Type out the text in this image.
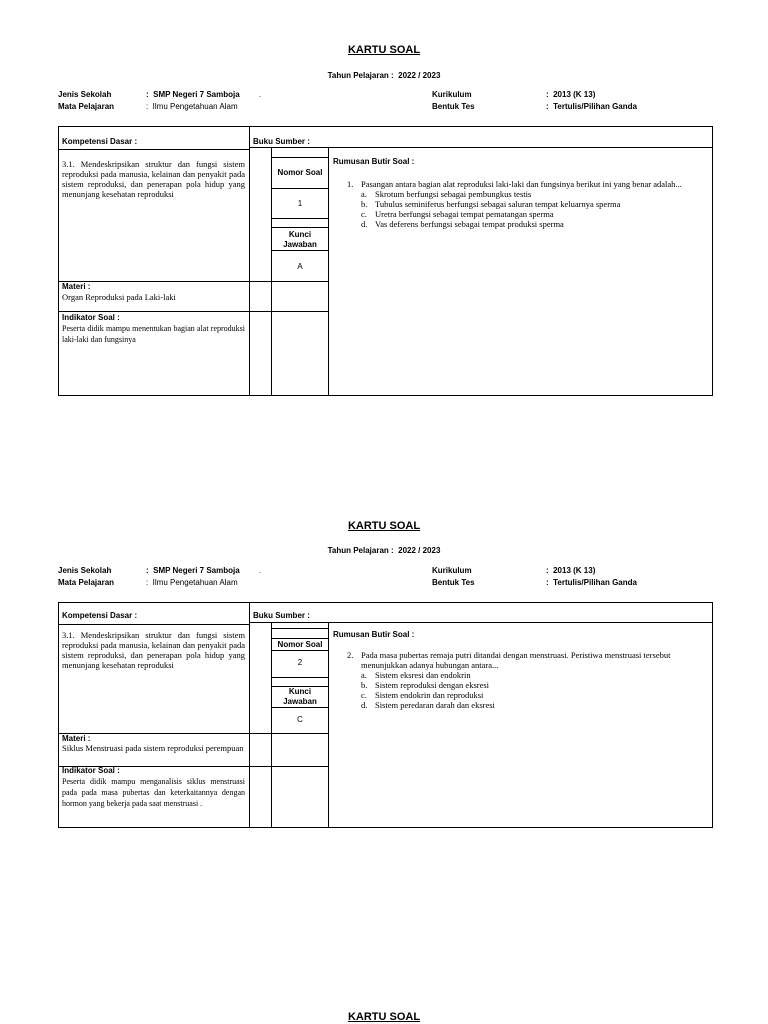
KARTU SOAL
Tahun Pelajaran : 2022 / 2023
Jenis Sekolah	:  SMP Negeri 7 Samboja .
Mata Pelajaran	:  Ilmu Pengetahuan Alam
Kurikulum	:  2013 (K 13)
Bentuk Tes	:  Tertulis/Pilihan Ganda
Kompetensi Dasar :
3.1. Mendeskripsikan struktur dan fungsi sistem reproduksi pada manusia, kelainan dan penyakit pada sistem reproduksi, dan penerapan pola hidup yang menunjang kesehatan reproduksi
Buku Sumber :
Nomor Soal
1
Kunci Jawaban
A
Rumusan Butir Soal :
1. Pasangan antara bagian alat reproduksi laki-laki dan fungsinya berikut ini yang benar adalah...
a. Skrotum berfungsi sebagai pembungkus testis
b. Tubulus seminiferus berfungsi sebagai saluran tempat keluarnya sperma
c. Uretra berfungsi sebagai tempat pematangan sperma
d. Vas deferens berfungsi sebagai tempat produksi sperma
Materi :
Organ Reproduksi pada Laki-laki
Indikator Soal :
Peserta didik mampu menentukan bagian alat reproduksi laki-laki dan fungsinya
KARTU SOAL
Tahun Pelajaran : 2022 / 2023
Jenis Sekolah	:  SMP Negeri 7 Samboja .
Mata Pelajaran	:  Ilmu Pengetahuan Alam
Kurikulum	:  2013 (K 13)
Bentuk Tes	:  Tertulis/Pilihan Ganda
Kompetensi Dasar :
3.1. Mendeskripsikan struktur dan fungsi sistem reproduksi pada manusia, kelainan dan penyakit pada sistem reproduksi, dan penerapan pola hidup yang menunjang kesehatan reproduksi
Buku Sumber :
Nomor Soal
2
Kunci Jawaban
C
Rumusan Butir Soal :
2. Pada masa pubertas remaja putri ditandai dengan menstruasi. Peristiwa menstruasi tersebut menunjukkan adanya hubungan antara...
a. Sistem eksresi dan endokrin
b. Sistem reproduksi dengan eksresi
c. Sistem endokrin dan reproduksi
d. Sistem peredaran darah dan eksresi
Materi :
Siklus Menstruasi pada sistem reproduksi perempuan
Indikator Soal :
Peserta didik mampu menganalisis siklus menstruasi pada pada masa pubertas dan keterkaitannya dengan hormon yang bekerja pada saat menstruasi .
KARTU SOAL
